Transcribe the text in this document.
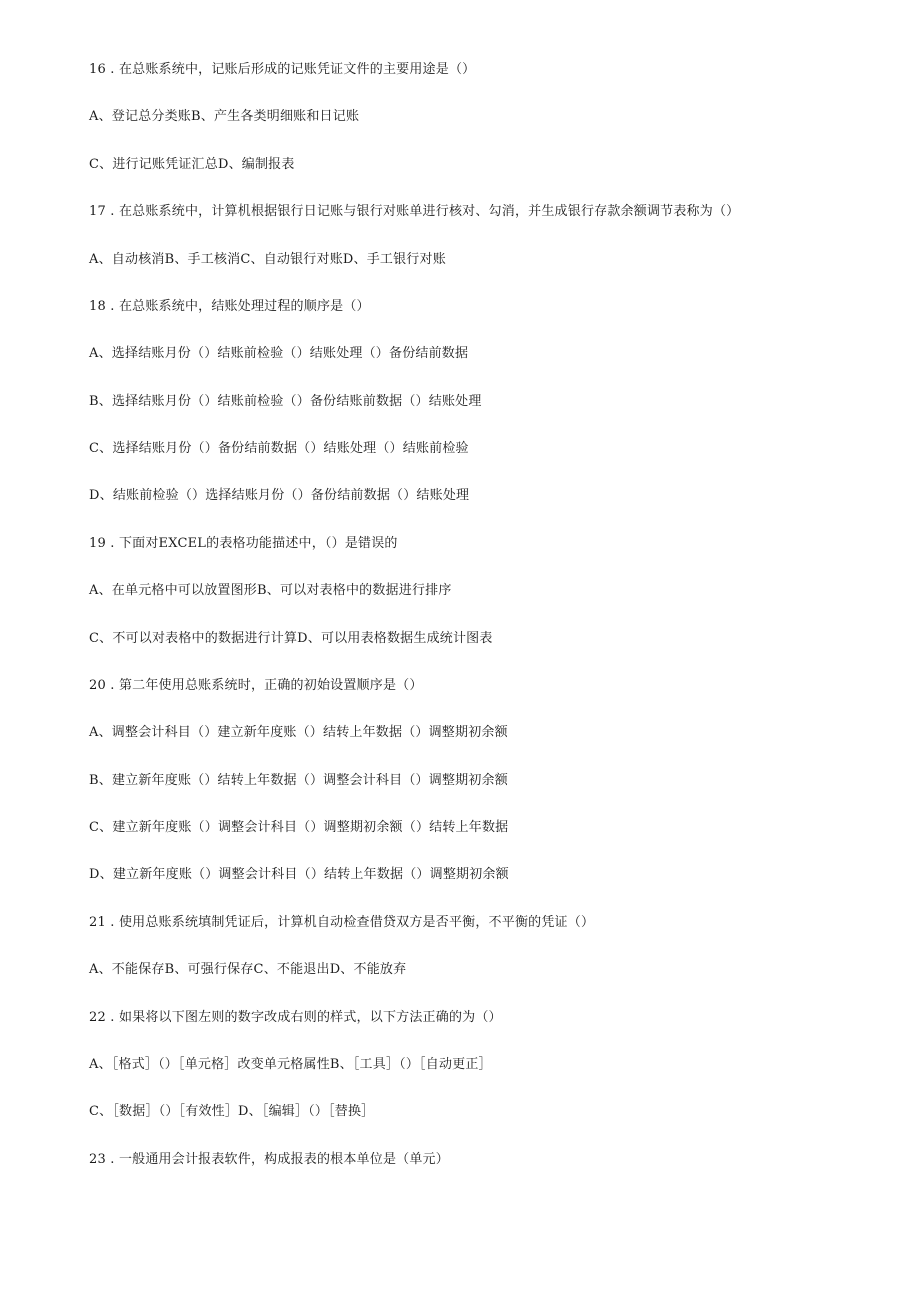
16 . 在总账系统中，记账后形成的记账凭证文件的主要用途是（）
A、登记总分类账B、产生各类明细账和日记账
C、进行记账凭证汇总D、编制报表
17 . 在总账系统中，计算机根据银行日记账与银行对账单进行核对、勾消，并生成银行存款余额调节表称为（）
A、自动核消B、手工核消C、自动银行对账D、手工银行对账
18 . 在总账系统中，结账处理过程的顺序是（）
A、选择结账月份（）结账前检验（）结账处理（）备份结前数据
B、选择结账月份（）结账前检验（）备份结账前数据（）结账处理
C、选择结账月份（）备份结前数据（）结账处理（）结账前检验
D、结账前检验（）选择结账月份（）备份结前数据（）结账处理
19 . 下面对EXCEL的表格功能描述中，（）是错误的
A、在单元格中可以放置图形B、可以对表格中的数据进行排序
C、不可以对表格中的数据进行计算D、可以用表格数据生成统计图表
20 . 第二年使用总账系统时，正确的初始设置顺序是（）
A、调整会计科目（）建立新年度账（）结转上年数据（）调整期初余额
B、建立新年度账（）结转上年数据（）调整会计科目（）调整期初余额
C、建立新年度账（）调整会计科目（）调整期初余额（）结转上年数据
D、建立新年度账（）调整会计科目（）结转上年数据（）调整期初余额
21 . 使用总账系统填制凭证后，计算机自动检查借贷双方是否平衡，不平衡的凭证（）
A、不能保存B、可强行保存C、不能退出D、不能放弃
22 . 如果将以下图左则的数字改成右则的样式，以下方法正确的为（）
A、［格式］（）［单元格］改变单元格属性B、［工具］（）［自动更正］
C、［数据］（）［有效性］D、［编辑］（）［替换］
23 . 一般通用会计报表软件，构成报表的根本单位是（单元）
